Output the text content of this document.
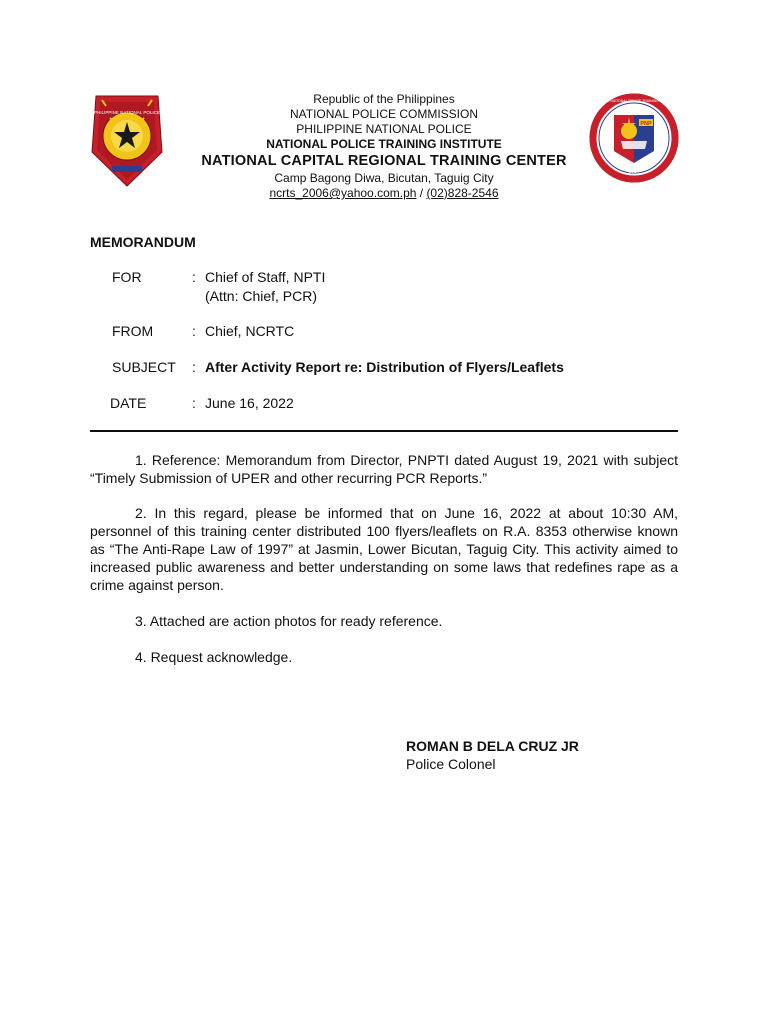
PHILIPPINE NATIONAL POLICE

Republic of the Philippines

NATIONAL POLICE COMMISSION

PHILIPPINE NATIONAL POLICE

NATIONAL POLICE TRAINING INSTITUTE

NATIONAL CAPITAL REGIONAL TRAINING CENTER

Camp Bagong Diwa, Bicutan, Taguig City

ncrts_2006@yahoo.com.ph / (02)828-2546

PNP
2014
PHILIPPINE NATIONAL POLICE TRAINING INSTITUTE
MEMORANDUM
FOR	: Chief of Staff, NPTI
(Attn: Chief, PCR)
FROM	: Chief, NCRTC
SUBJECT	: After Activity Report re: Distribution of Flyers/Leaflets
DATE	: June 16, 2022

1. Reference: Memorandum from Director, PNPTI dated August 19, 2021 with subject “Timely Submission of UPER and other recurring PCR Reports.”

2. In this regard, please be informed that on June 16, 2022 at about 10:30 AM, personnel of this training center distributed 100 flyers/leaflets on R.A. 8353 otherwise known as “The Anti-Rape Law of 1997” at Jasmin, Lower Bicutan, Taguig City. This activity aimed to increased public awareness and better understanding on some laws that redefines rape as a crime against person.

3. Attached are action photos for ready reference.

4. Request acknowledge.

ROMAN B DELA CRUZ JR
Police Colonel
